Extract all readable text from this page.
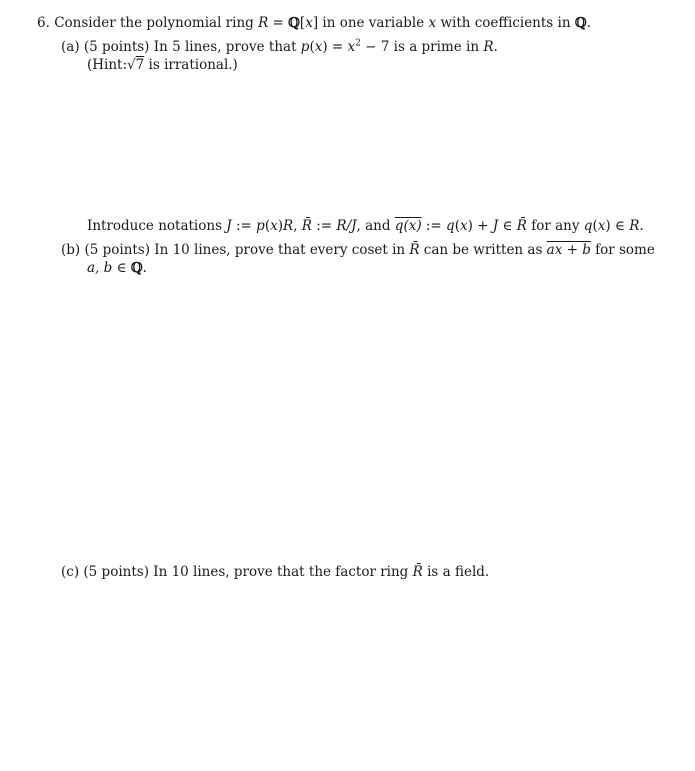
6. Consider the polynomial ring R = ℚ[x] in one variable x with coefficients in ℚ.
(a) (5 points) In 5 lines, prove that $p(x) = x^2 - 7$ is a prime in R.
(Hint:√7 is irrational.)
Introduce notations J := p(x)R, R̄ := R/J, and q(x) := q(x) + J ∈ R̄ for any q(x) ∈ R.
(b) (5 points) In 10 lines, prove that every coset in R̄ can be written as ax + b for some
a, b ∈ ℚ.
(c) (5 points) In 10 lines, prove that the factor ring R̄ is a field.
